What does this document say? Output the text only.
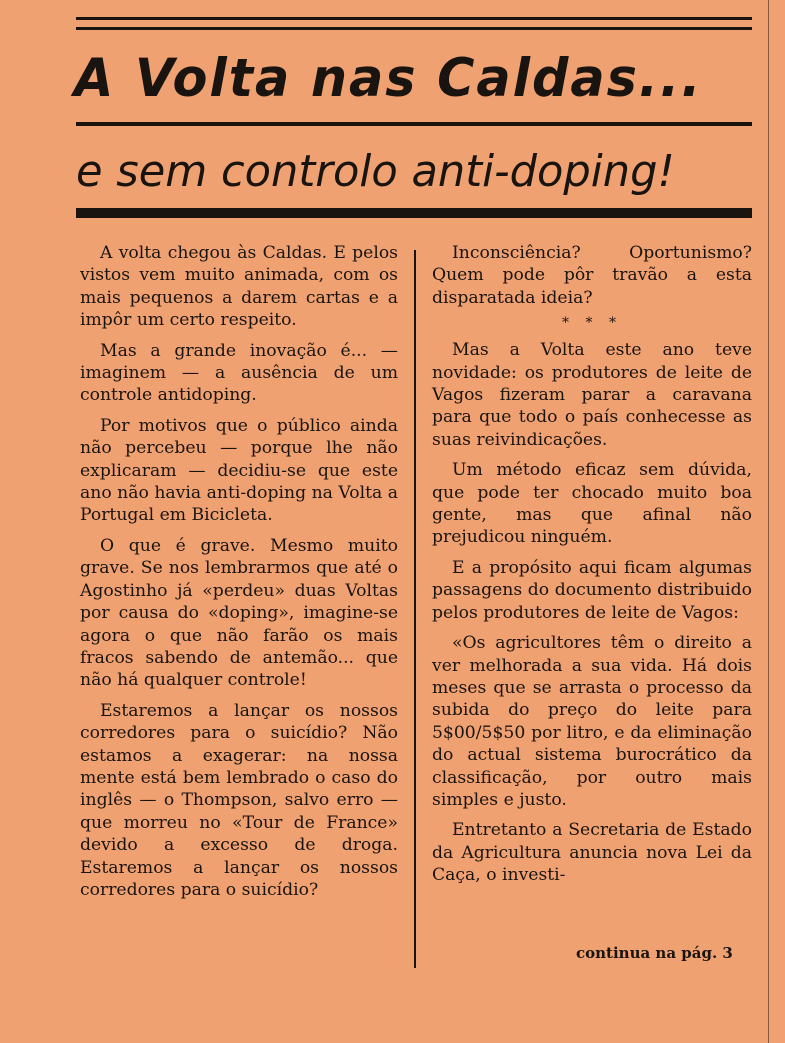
A Volta nas Caldas...
e sem controlo anti-doping!

A volta chegou às Caldas. E pelos vistos vem muito animada, com os mais pequenos a darem cartas e a impôr um certo respeito.

Mas a grande inovação é... — imaginem — a ausência de um controle antidoping.

Por motivos que o público ainda não percebeu — porque lhe não explicaram — decidiu-se que este ano não havia anti-doping na Volta a Portugal em Bicicleta.

O que é grave. Mesmo muito grave. Se nos lembrarmos que até o Agostinho já «perdeu» duas Voltas por causa do «doping», imagine-se agora o que não farão os mais fracos sabendo de antemão... que não há qualquer controle!

Estaremos a lançar os nossos corredores para o suicídio? Não estamos a exagerar: na nossa mente está bem lembrado o caso do inglês — o Thompson, salvo erro — que morreu no «Tour de France» devido a excesso de droga. Estaremos a lançar os nossos corredores para o suicídio?

Inconsciência? Oportunismo? Quem pode pôr travão a esta disparatada ideia?

* * *

Mas a Volta este ano teve novidade: os produtores de leite de Vagos fizeram parar a caravana para que todo o país conhecesse as suas reivindicações.

Um método eficaz sem dúvida, que pode ter chocado muito boa gente, mas que afinal não prejudicou ninguém.

E a propósito aqui ficam algumas passagens do documento distribuido pelos produtores de leite de Vagos:

«Os agricultores têm o direito a ver melhorada a sua vida. Há dois meses que se arrasta o processo da subida do preço do leite para 5$00/5$50 por litro, e da eliminação do actual sistema burocrático da classificação, por outro mais simples e justo.

Entretanto a Secretaria de Estado da Agricultura anuncia nova Lei da Caça, o investi-

continua na pág. 3
